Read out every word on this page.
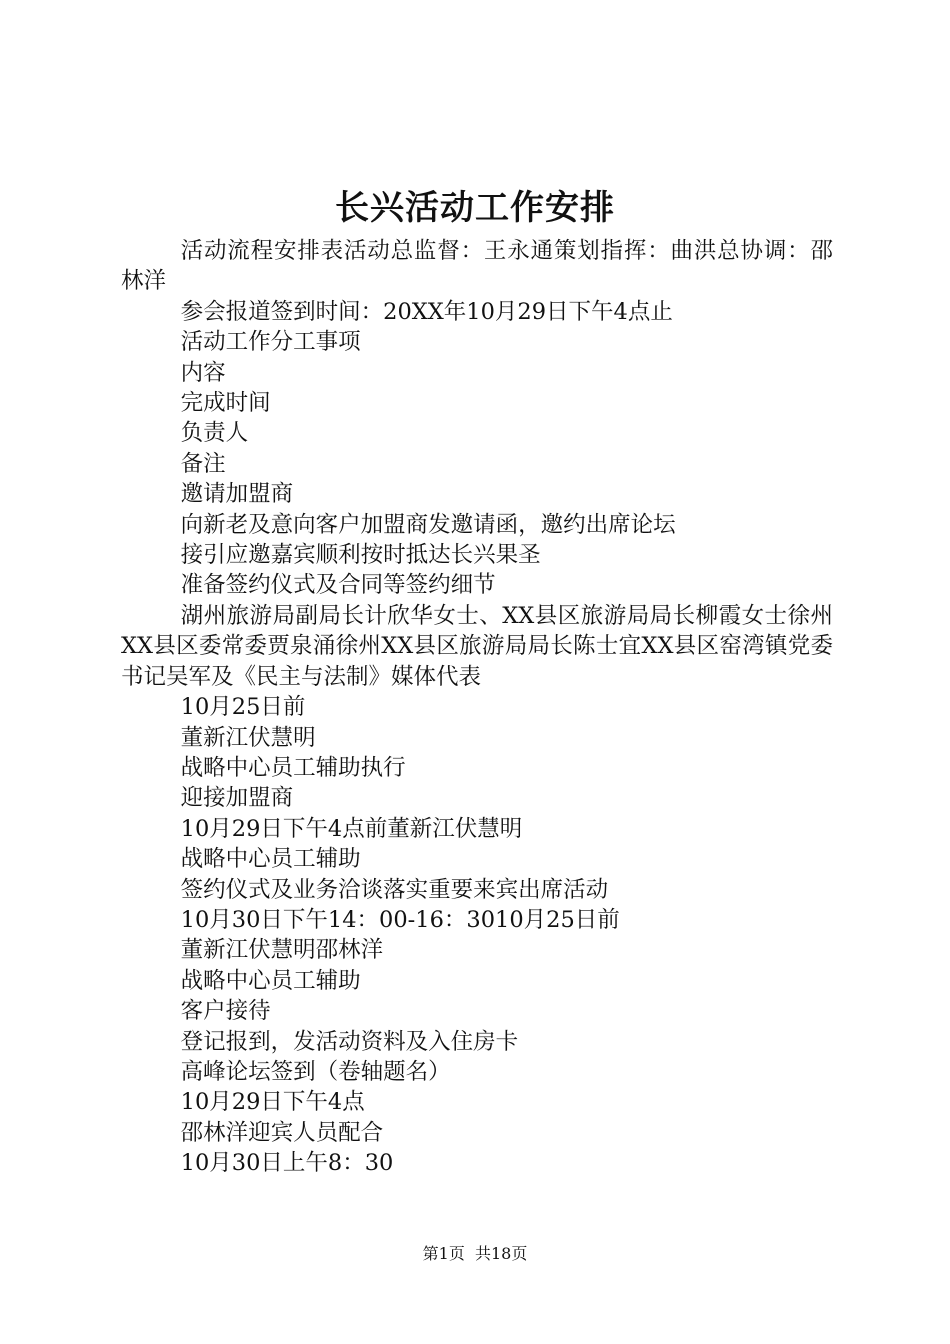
长兴活动工作安排

活动流程安排表活动总监督：王永通策划指挥：曲洪总协调：邵林洋

参会报道签到时间：20XX年10月29日下午4点止

活动工作分工事项

内容

完成时间

负责人

备注

邀请加盟商

向新老及意向客户加盟商发邀请函，邀约出席论坛

接引应邀嘉宾顺利按时抵达长兴果圣

准备签约仪式及合同等签约细节

湖州旅游局副局长计欣华女士、XX县区旅游局局长柳霞女士徐州XX县区委常委贾泉涌徐州XX县区旅游局局长陈士宜XX县区窑湾镇党委书记吴军及《民主与法制》媒体代表

10月25日前

董新江伏慧明

战略中心员工辅助执行

迎接加盟商

10月29日下午4点前董新江伏慧明

战略中心员工辅助

签约仪式及业务洽谈落实重要来宾出席活动

10月30日下午14：00-16：3010月25日前

董新江伏慧明邵林洋

战略中心员工辅助

客户接待

登记报到，发活动资料及入住房卡

高峰论坛签到（卷轴题名）

10月29日下午4点

邵林洋迎宾人员配合

10月30日上午8：30

第1页  共18页
